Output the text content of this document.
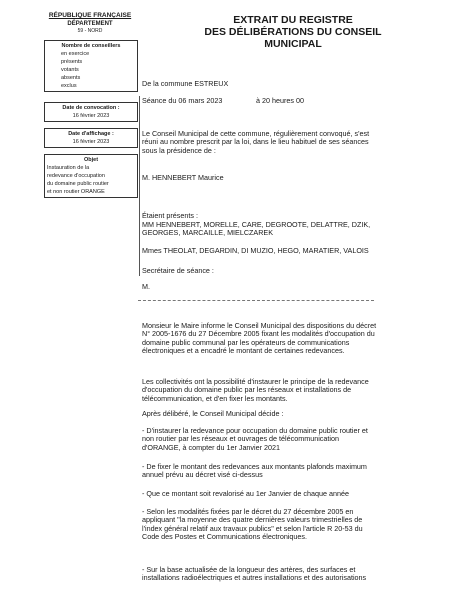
RÉPUBLIQUE FRANÇAISE
DÉPARTEMENT
59 - NORD
Nombre de conseillers
en exercice
présents
votants
absents
exclus
Date de convocation :
16 février 2023
Date d'affichage :
16 février 2023
Objet
Instauration de la
redevance d'occupation
du domaine public routier
et non routier ORANGE
EXTRAIT DU REGISTRE
DES DÉLIBÉRATIONS DU CONSEIL
MUNICIPAL
De la commune ESTREUX
Séance du 06 mars 2023	à 20 heures 00
Le Conseil Municipal de cette commune, régulièrement convoqué, s'est réuni au nombre prescrit par la loi, dans le lieu habituel de ses séances sous la présidence de :
M. HENNEBERT Maurice
Étaient présents :
MM HENNEBERT, MORELLE, CARE, DEGROOTE, DELATTRE, DZIK, GEORGES, MARCAILLE, MIELCZAREK
Mmes THEOLAT, DEGARDIN, DI MUZIO, HEGO, MARATIER, VALOIS
Secrétaire de séance :
M.
Monsieur le Maire informe le Conseil Municipal des dispositions du décret N° 2005-1676 du 27 Décembre 2005 fixant les modalités d'occupation du domaine public communal par les opérateurs de communications électroniques et a encadré le montant de certaines redevances.
Les collectivités ont la possibilité d'instaurer le principe de la redevance d'occupation du domaine public par les réseaux et installations de télécommunication, et d'en fixer les montants.
Après délibéré, le Conseil Municipal décide :
- D'instaurer la redevance pour occupation du domaine public routier et non routier par les réseaux et ouvrages de télécommunication d'ORANGE, à compter du 1er Janvier 2021
- De fixer le montant des redevances aux montants plafonds maximum annuel prévu au décret visé ci-dessus
- Que ce montant soit revalorisé au 1er Janvier de chaque année
- Selon les modalités fixées par le décret du 27 décembre 2005 en appliquant "la moyenne des quatre dernières valeurs trimestrielles de l'index général relatif aux travaux publics" et selon l'article R 20-53 du Code des Postes et Communications électroniques.
- Sur la base actualisée de la longueur des artères, des surfaces et installations radioélectriques et autres installations et des autorisations
